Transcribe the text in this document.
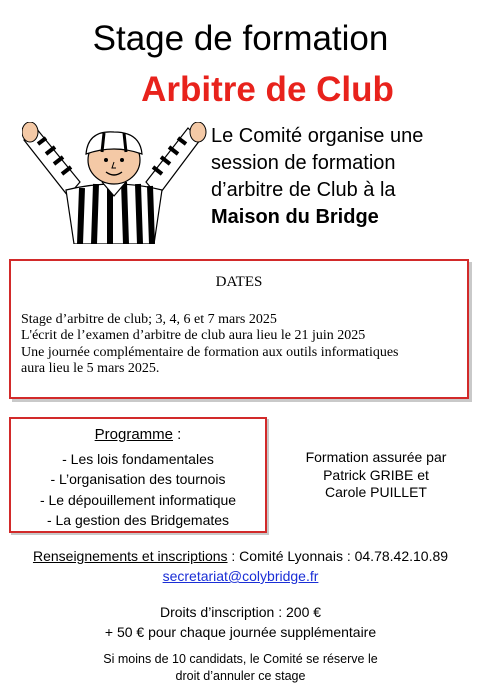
Stage de formation
Arbitre de Club
Le Comité organise une
session de formation
d’arbitre de Club à la
Maison du Bridge
DATES
Stage d’arbitre de club; 3, 4, 6 et 7 mars 2025
L'écrit de l’examen d’arbitre de club aura lieu le 21 juin 2025
Une journée complémentaire de formation aux outils informatiques
aura lieu le 5 mars 2025.
Programme :
- Les lois fondamentales
- L’organisation des tournois
- Le dépouillement informatique
- La gestion des Bridgemates
Formation assurée par
Patrick GRIBE et
Carole PUILLET
Renseignements et inscriptions : Comité Lyonnais : 04.78.42.10.89
secretariat@colybridge.fr
Droits d’inscription : 200 €
+ 50 € pour chaque journée supplémentaire
Si moins de 10 candidats, le Comité se réserve le
droit d’annuler ce stage
